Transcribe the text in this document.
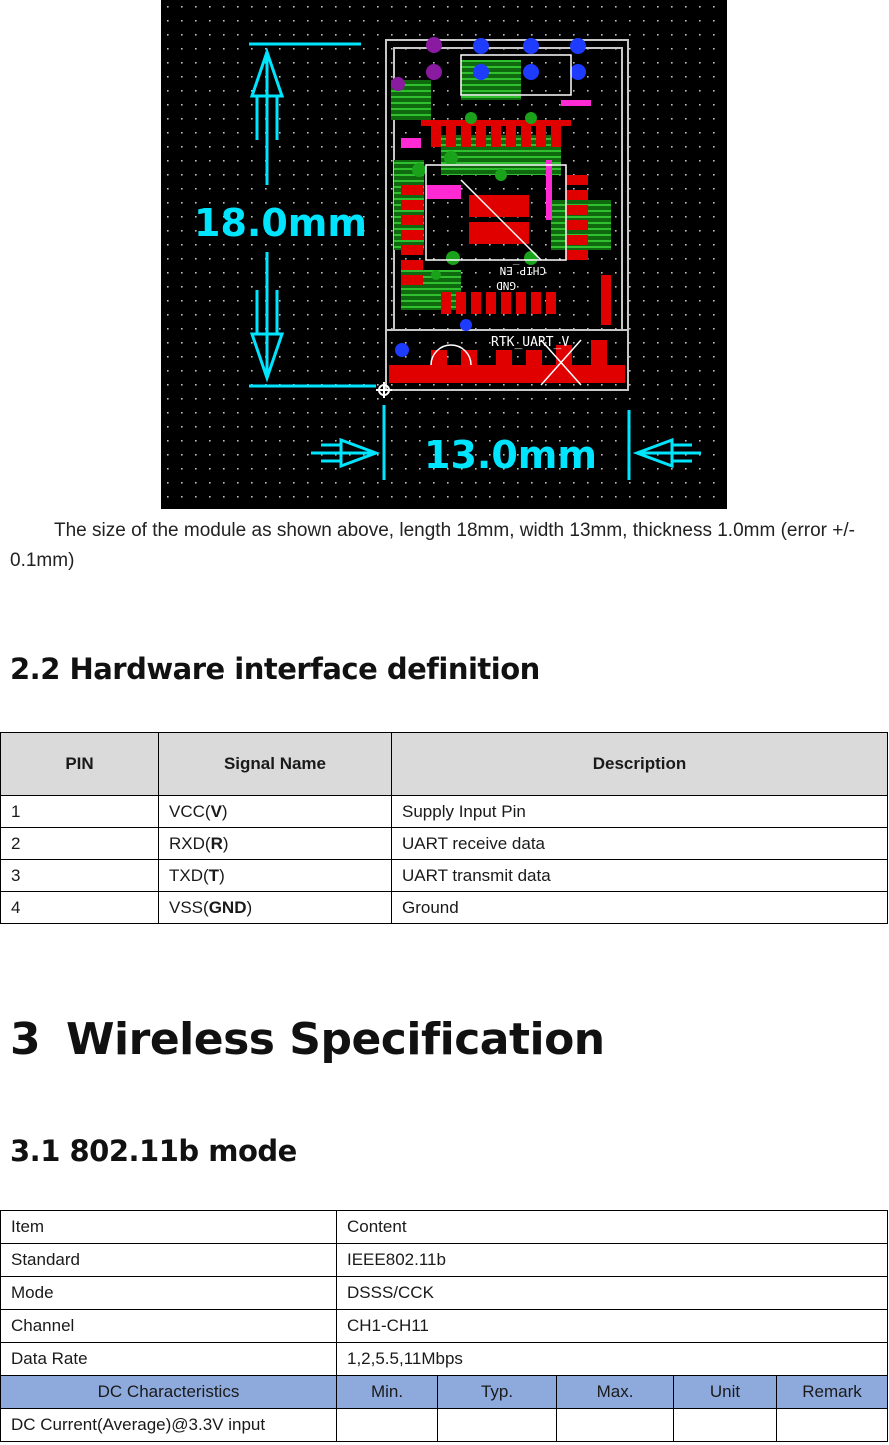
RTK_UART_V
CHIP_EN
GND
18.0mm
13.0mm

The size of the module as shown above, length 18mm, width 13mm, thickness 1.0mm (error +/- 0.1mm)

2.2 Hardware interface definition
PIN	Signal Name	Description
1	VCC(V)	Supply Input Pin
2	RXD(R)	UART receive data
3	TXD(T)	UART transmit data
4	VSS(GND)	Ground
3 Wireless Specification
3.1 802.11b mode
Item	Content				
Standard	IEEE802.11b				
Mode	DSSS/CCK				
Channel	CH1-CH11				
Data Rate	1,2,5.5,11Mbps				
DC Characteristics	Min.	Typ.	Max.	Unit	Remark
DC Current(Average)@3.3V input					
